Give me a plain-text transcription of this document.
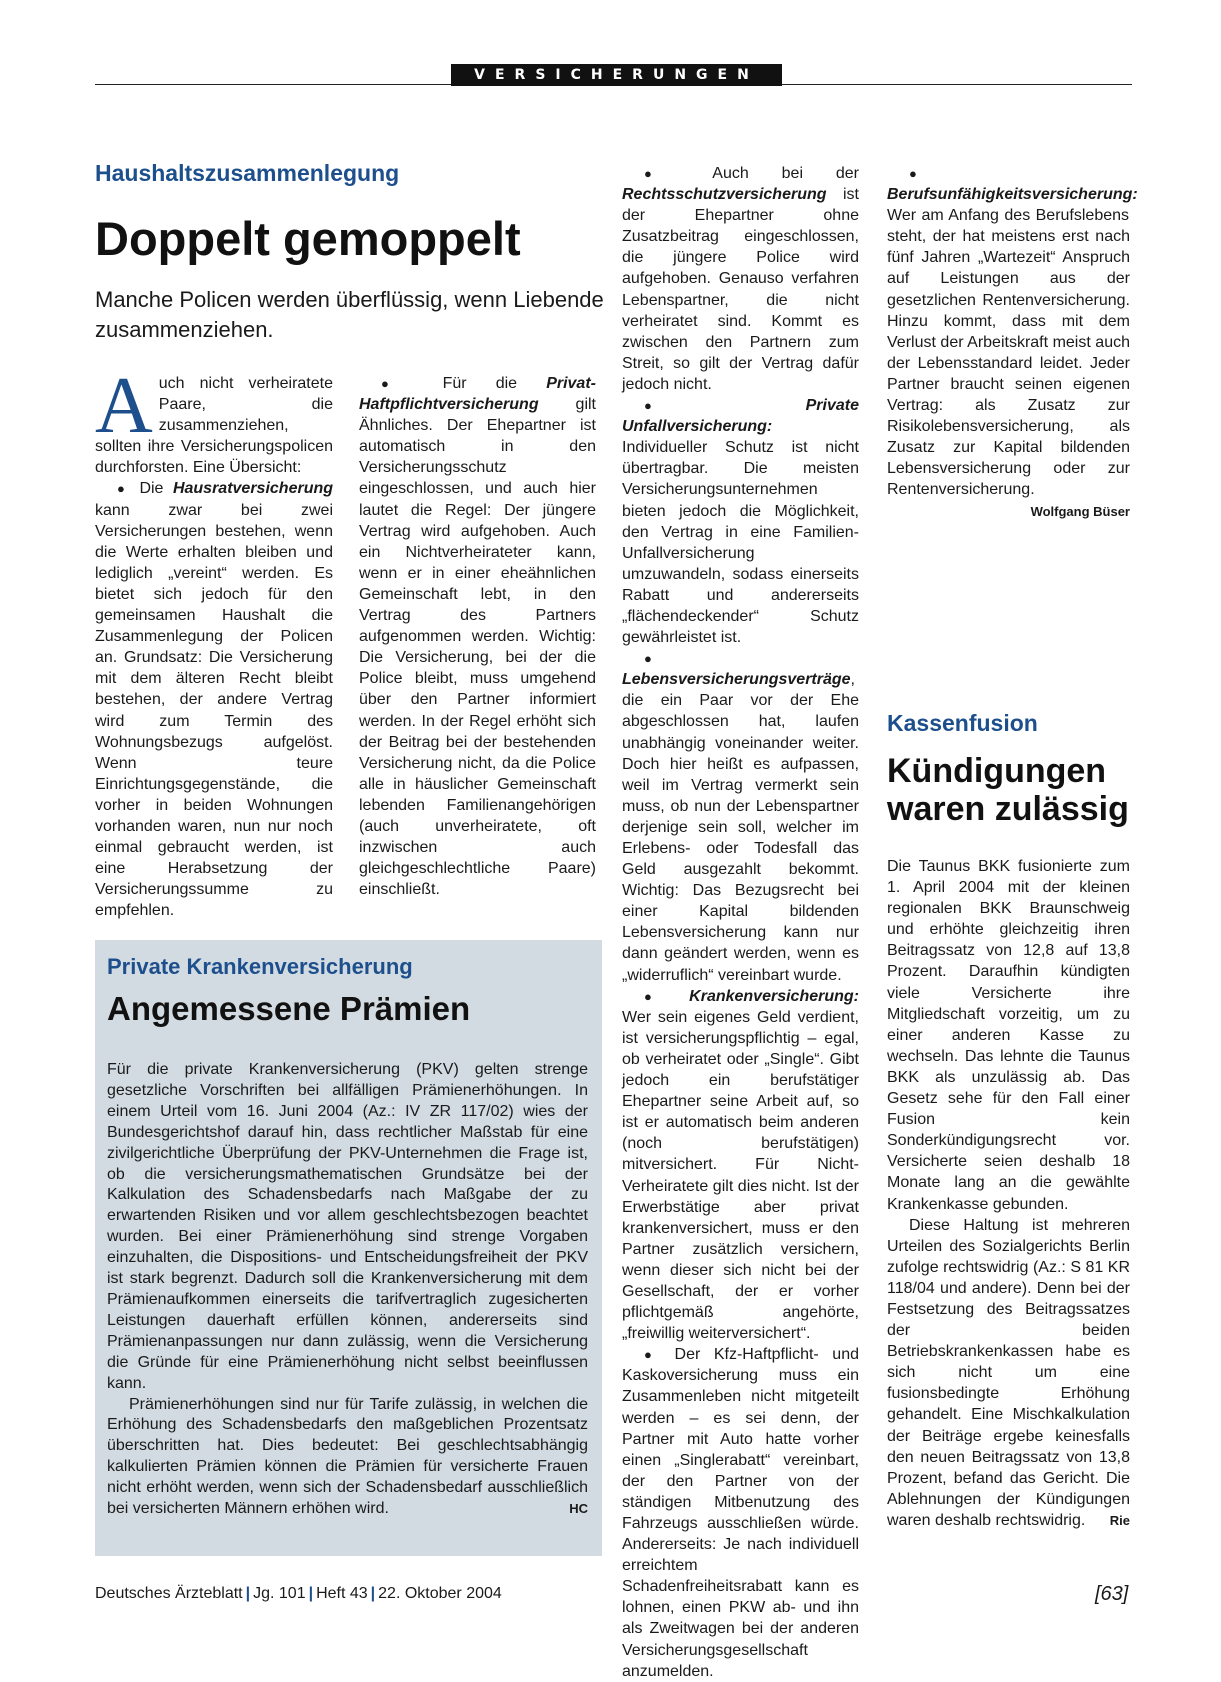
VERSICHERUNGEN
Haushaltszusammenlegung
Doppelt gemoppelt
Manche Policen werden überflüssig, wenn Liebende zusammenziehen.

A uch nicht verheiratete Paare, die zusammenziehen, sollten ihre Versicherungspolicen durchforsten. Eine Übersicht:

● Die Hausratversicherung kann zwar bei zwei Versicherungen bestehen, wenn die Werte erhalten bleiben und lediglich „vereint“ werden. Es bietet sich jedoch für den gemeinsamen Haushalt die Zusammenlegung der Policen an. Grundsatz: Die Versicherung mit dem älteren Recht bleibt bestehen, der andere Vertrag wird zum Termin des Wohnungsbezugs aufgelöst. Wenn teure Einrichtungsgegenstände, die vorher in beiden Wohnungen vorhanden waren, nun nur noch einmal gebraucht werden, ist eine Herabsetzung der Versicherungssumme zu empfehlen.

● Für die Privat-Haftpflichtversicherung gilt Ähnliches. Der Ehepartner ist automatisch in den Versicherungsschutz eingeschlossen, und auch hier lautet die Regel: Der jüngere Vertrag wird aufgehoben. Auch ein Nichtverheirateter kann, wenn er in einer eheähnlichen Gemeinschaft lebt, in den Vertrag des Partners aufgenommen werden. Wichtig: Die Versicherung, bei der die Police bleibt, muss umgehend über den Partner informiert werden. In der Regel erhöht sich der Beitrag bei der bestehenden Versicherung nicht, da die Police alle in häuslicher Gemeinschaft lebenden Familienangehörigen (auch unverheiratete, oft inzwischen auch gleichgeschlechtliche Paare) einschließt.

● Auch bei der Rechtsschutzversicherung ist der Ehepartner ohne Zusatzbeitrag eingeschlossen, die jüngere Police wird aufgehoben. Genauso verfahren Lebenspartner, die nicht verheiratet sind. Kommt es zwischen den Partnern zum Streit, so gilt der Vertrag dafür jedoch nicht.

●	Private Unfallversicherung: Individueller Schutz ist nicht übertragbar. Die meisten Versicherungsunternehmen bieten jedoch die Möglichkeit, den Vertrag in eine Familien-Unfallversicherung umzuwandeln, sodass einerseits Rabatt und andererseits „flächendeckender“ Schutz gewährleistet ist.

● Lebensversicherungsverträge, die ein Paar vor der Ehe abgeschlossen hat, laufen unabhängig voneinander weiter. Doch hier heißt es aufpassen, weil im Vertrag vermerkt sein muss, ob nun der Lebenspartner derjenige sein soll, welcher im Erlebens- oder Todesfall das Geld ausgezahlt bekommt. Wichtig: Das Bezugsrecht bei einer Kapital bildenden Lebensversicherung kann nur dann geändert werden, wenn es „widerruflich“ vereinbart wurde.

● Krankenversicherung: Wer sein eigenes Geld verdient, ist versicherungspflichtig – egal, ob verheiratet oder „Single“. Gibt jedoch ein berufstätiger Ehepartner seine Arbeit auf, so ist er automatisch beim anderen (noch berufstätigen) mitversichert. Für Nicht-Verheiratete gilt dies nicht. Ist der Erwerbstätige aber privat krankenversichert, muss er den Partner zusätzlich versichern, wenn dieser sich nicht bei der Gesellschaft, der er vorher pflichtgemäß angehörte, „freiwillig weiterversichert“.

● Der Kfz-Haftpflicht- und Kaskoversicherung muss ein Zusammenleben nicht mitgeteilt werden – es sei denn, der Partner mit Auto hatte vorher einen „Singlerabatt“ vereinbart, der den Partner von der ständigen Mitbenutzung des Fahrzeugs ausschließen würde. Andererseits: Je nach individuell erreichtem Schadenfreiheitsrabatt kann es lohnen, einen PKW ab- und ihn als Zweitwagen bei der anderen Versicherungsgesellschaft anzumelden.

● Berufsunfähigkeitsversicherung: Wer am Anfang des Berufslebens steht, der hat meistens erst nach fünf Jahren „Wartezeit“ Anspruch auf Leistungen aus der gesetzlichen Rentenversicherung. Hinzu kommt, dass mit dem Verlust der Arbeitskraft meist auch der Lebensstandard leidet. Jeder Partner braucht seinen eigenen Vertrag: als Zusatz zur Risikolebensversicherung, als Zusatz zur Kapital bildenden Lebensversicherung oder zur Rentenversicherung.
Wolfgang Büser

Kassenfusion
Kündigungen
waren zulässig

Die Taunus BKK fusionierte zum 1. April 2004 mit der kleinen regionalen BKK Braunschweig und erhöhte gleichzeitig ihren Beitragssatz von 12,8 auf 13,8 Prozent. Daraufhin kündigten viele Versicherte ihre Mitgliedschaft vorzeitig, um zu einer anderen Kasse zu wechseln. Das lehnte die Taunus BKK als unzulässig ab. Das Gesetz sehe für den Fall einer Fusion kein Sonderkündigungsrecht vor. Versicherte seien deshalb 18 Monate lang an die gewählte Krankenkasse gebunden.

Diese Haltung ist mehreren Urteilen des Sozialgerichts Berlin zufolge rechtswidrig (Az.: S 81 KR 118/04 und andere). Denn bei der Festsetzung des Beitragssatzes der beiden Betriebskrankenkassen habe es sich nicht um eine fusionsbedingte Erhöhung gehandelt. Eine Mischkalkulation der Beiträge ergebe keinesfalls den neuen Beitragssatz von 13,8 Prozent, befand das Gericht. Die Ablehnungen der Kündigungen waren deshalb rechtswidrig.	Rie

Private Krankenversicherung
Angemessene Prämien

Für die private Krankenversicherung (PKV) gelten strenge gesetzliche Vorschriften bei allfälligen Prämienerhöhungen. In einem Urteil vom 16. Juni 2004 (Az.: IV ZR 117/02) wies der Bundesgerichtshof darauf hin, dass rechtlicher Maßstab für eine zivilgerichtliche Überprüfung der PKV-Unternehmen die Frage ist, ob die versicherungsmathematischen Grundsätze bei der Kalkulation des Schadensbedarfs nach Maßgabe der zu erwartenden Risiken und vor allem geschlechtsbezogen beachtet wurden. Bei einer Prämienerhöhung sind strenge Vorgaben einzuhalten, die Dispositions- und Entscheidungsfreiheit der PKV ist stark begrenzt. Dadurch soll die Krankenversicherung mit dem Prämienaufkommen einerseits die tarifvertraglich zugesicherten Leistungen dauerhaft erfüllen können, andererseits sind Prämienanpassungen nur dann zulässig, wenn die Versicherung die Gründe für eine Prämienerhöhung nicht selbst beeinflussen kann.

Prämienerhöhungen sind nur für Tarife zulässig, in welchen die Erhöhung des Schadensbedarfs den maßgeblichen Prozentsatz überschritten hat. Dies bedeutet: Bei geschlechtsabhängig kalkulierten Prämien können die Prämien für versicherte Frauen nicht erhöht werden, wenn sich der Schadensbedarf ausschließlich bei versicherten Männern erhöhen wird.	HC

Deutsches Ärzteblatt | Jg. 101 | Heft 43 | 22. Oktober 2004	[63]
